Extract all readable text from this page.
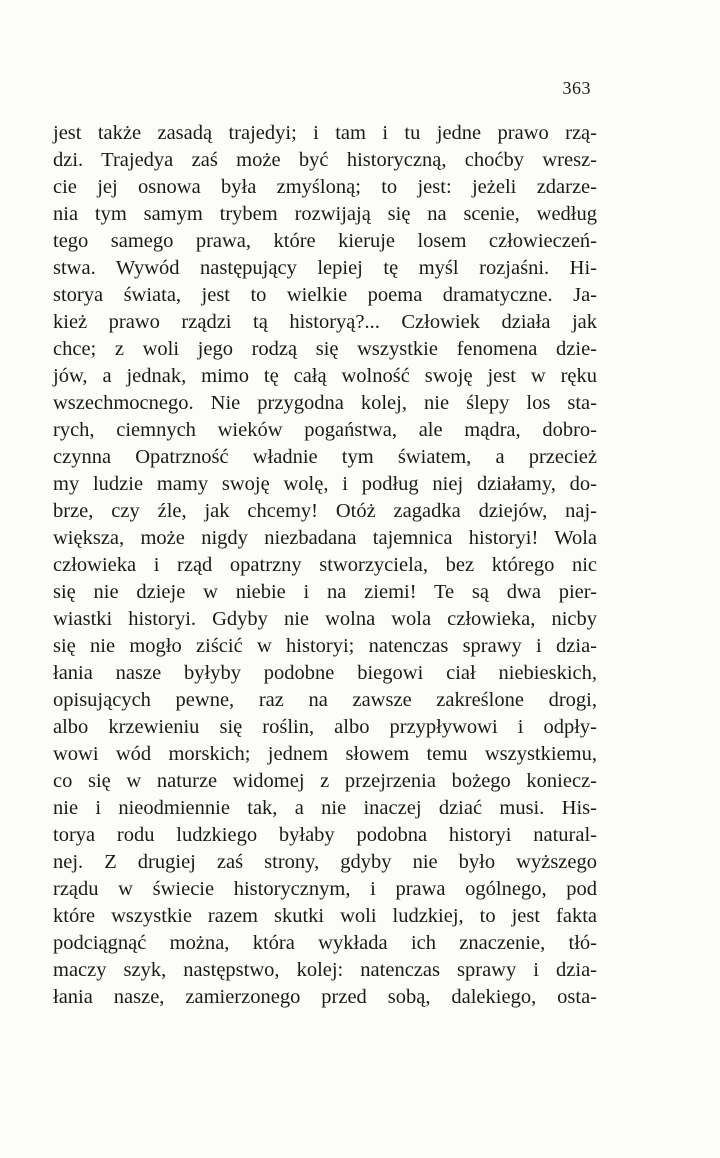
363
jest także zasadą trajedyi; i tam i tu jedne prawo rzą-
dzi. Trajedya zaś może być historyczną, choćby wresz-
cie jej osnowa była zmyśloną; to jest: jeżeli zdarze-
nia tym samym trybem rozwijają się na scenie, według
tego samego prawa, które kieruje losem człowieczeń-
stwa. Wywód następujący lepiej tę myśl rozjaśni. Hi-
storya świata, jest to wielkie poema dramatyczne. Ja-
kież prawo rządzi tą historyą?... Człowiek działa jak
chce; z woli jego rodzą się wszystkie fenomena dzie-
jów, a jednak, mimo tę całą wolność swoję jest w ręku
wszechmocnego. Nie przygodna kolej, nie ślepy los sta-
rych, ciemnych wieków pogaństwa, ale mądra, dobro-
czynna Opatrzność władnie tym światem, a przecież
my ludzie mamy swoję wolę, i podług niej działamy, do-
brze, czy źle, jak chcemy! Otóż zagadka dziejów, naj-
większa, może nigdy niezbadana tajemnica historyi! Wola
człowieka i rząd opatrzny stworzyciela, bez którego nic
się nie dzieje w niebie i na ziemi! Te są dwa pier-
wiastki historyi. Gdyby nie wolna wola człowieka, nicby
się nie mogło ziścić w historyi; natenczas sprawy i dzia-
łania nasze byłyby podobne biegowi ciał niebieskich,
opisujących pewne, raz na zawsze zakreślone drogi,
albo krzewieniu się roślin, albo przypływowi i odpły-
wowi wód morskich; jednem słowem temu wszystkiemu,
co się w naturze widomej z przejrzenia bożego koniecz-
nie i nieodmiennie tak, a nie inaczej dziać musi. His-
torya rodu ludzkiego byłaby podobna historyi natural-
nej. Z drugiej zaś strony, gdyby nie było wyższego
rządu w świecie historycznym, i prawa ogólnego, pod
które wszystkie razem skutki woli ludzkiej, to jest fakta
podciągnąć można, która wykłada ich znaczenie, tłó-
maczy szyk, następstwo, kolej: natenczas sprawy i dzia-
łania nasze, zamierzonego przed sobą, dalekiego, osta-
